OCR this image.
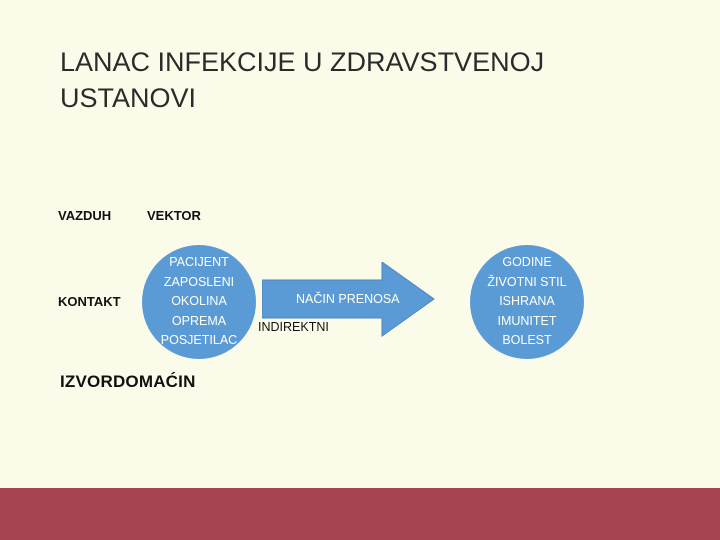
LANAC INFEKCIJE U ZDRAVSTVENOJ USTANOVI
VAZDUH	VEKTOR
KONTAKT
PACIJENT
ZAPOSLENI
OKOLINA
OPREMA
POSJETILAC
NAČIN PRENOSA
INDIREKTNI
GODINE
ŽIVOTNI STIL
ISHRANA
IMUNITET
BOLEST
IZVORDOMAĆIN
